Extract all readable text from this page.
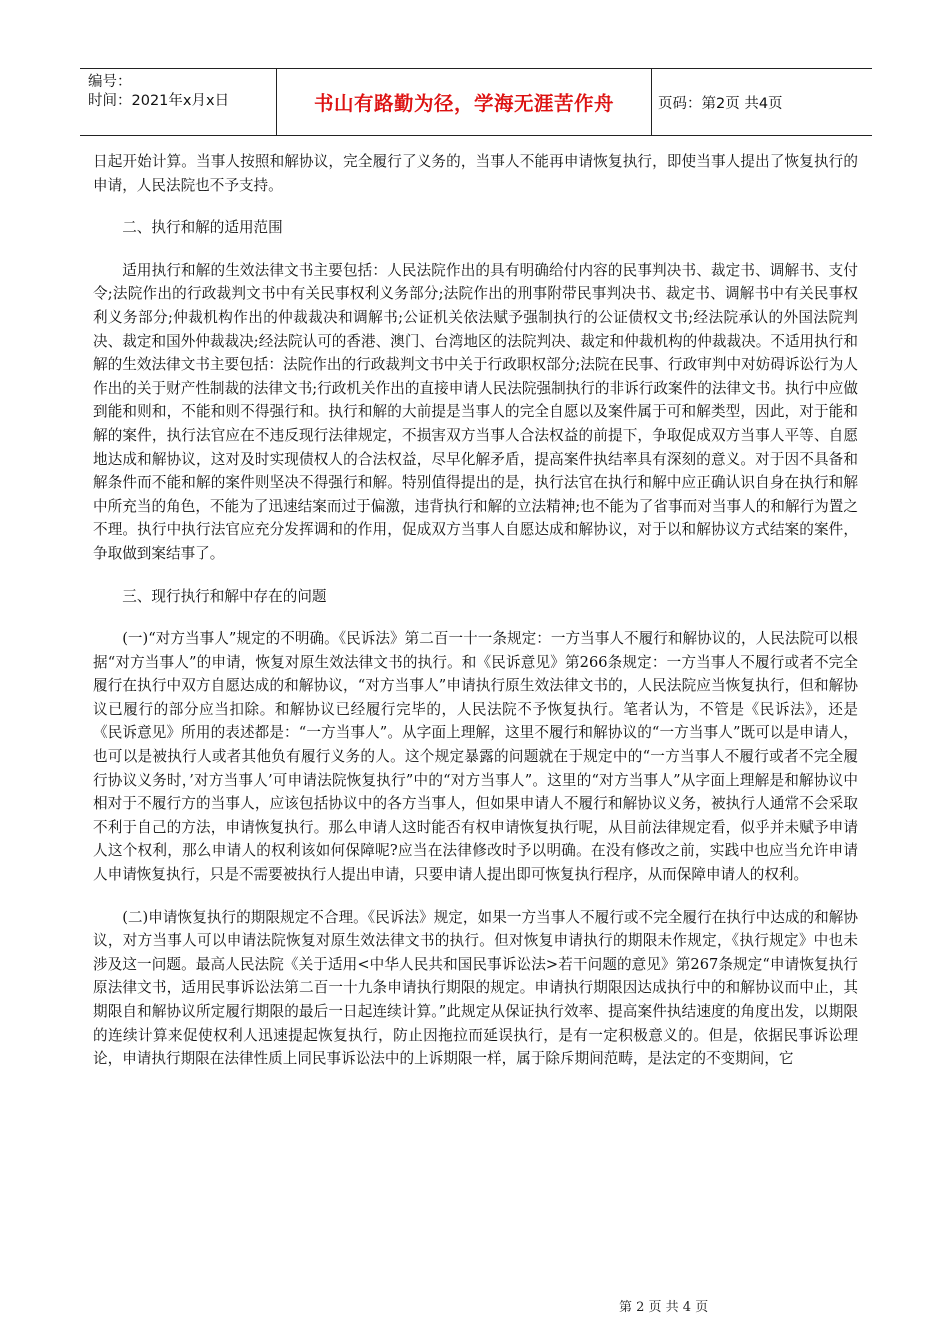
编号：
时间：2021年x月x日	书山有路勤为径，学海无涯苦作舟	页码：第2页 共4页

日起开始计算。当事人按照和解协议，完全履行了义务的，当事人不能再申请恢复执行，即使当事人提出了恢复执行的申请，人民法院也不予支持。

二、执行和解的适用范围

适用执行和解的生效法律文书主要包括：人民法院作出的具有明确给付内容的民事判决书、裁定书、调解书、支付令;法院作出的行政裁判文书中有关民事权利义务部分;法院作出的刑事附带民事判决书、裁定书、调解书中有关民事权利义务部分;仲裁机构作出的仲裁裁决和调解书;公证机关依法赋予强制执行的公证债权文书;经法院承认的外国法院判决、裁定和国外仲裁裁决;经法院认可的香港、澳门、台湾地区的法院判决、裁定和仲裁机构的仲裁裁决。不适用执行和解的生效法律文书主要包括：法院作出的行政裁判文书中关于行政职权部分;法院在民事、行政审判中对妨碍诉讼行为人作出的关于财产性制裁的法律文书;行政机关作出的直接申请人民法院强制执行的非诉行政案件的法律文书。执行中应做到能和则和，不能和则不得强行和。执行和解的大前提是当事人的完全自愿以及案件属于可和解类型，因此，对于能和解的案件，执行法官应在不违反现行法律规定，不损害双方当事人合法权益的前提下，争取促成双方当事人平等、自愿地达成和解协议，这对及时实现债权人的合法权益，尽早化解矛盾，提高案件执结率具有深刻的意义。对于因不具备和解条件而不能和解的案件则坚决不得强行和解。特别值得提出的是，执行法官在执行和解中应正确认识自身在执行和解中所充当的角色，不能为了迅速结案而过于偏激，违背执行和解的立法精神;也不能为了省事而对当事人的和解行为置之不理。执行中执行法官应充分发挥调和的作用，促成双方当事人自愿达成和解协议，对于以和解协议方式结案的案件，争取做到案结事了。

三、现行执行和解中存在的问题

(一)“对方当事人”规定的不明确。《民诉法》第二百一十一条规定：一方当事人不履行和解协议的，人民法院可以根据“对方当事人”的申请，恢复对原生效法律文书的执行。和《民诉意见》第266条规定：一方当事人不履行或者不完全履行在执行中双方自愿达成的和解协议，“对方当事人”申请执行原生效法律文书的，人民法院应当恢复执行，但和解协议已履行的部分应当扣除。和解协议已经履行完毕的，人民法院不予恢复执行。笔者认为，不管是《民诉法》，还是《民诉意见》所用的表述都是：“一方当事人”。从字面上理解，这里不履行和解协议的“一方当事人”既可以是申请人，也可以是被执行人或者其他负有履行义务的人。这个规定暴露的问题就在于规定中的“一方当事人不履行或者不完全履行协议义务时，’对方当事人’可申请法院恢复执行”中的“对方当事人”。这里的“对方当事人”从字面上理解是和解协议中相对于不履行方的当事人，应该包括协议中的各方当事人，但如果申请人不履行和解协议义务，被执行人通常不会采取不利于自己的方法，申请恢复执行。那么申请人这时能否有权申请恢复执行呢，从目前法律规定看，似乎并未赋予申请人这个权利，那么申请人的权利该如何保障呢?应当在法律修改时予以明确。在没有修改之前，实践中也应当允许申请人申请恢复执行，只是不需要被执行人提出申请，只要申请人提出即可恢复执行程序，从而保障申请人的权利。

(二)申请恢复执行的期限规定不合理。《民诉法》规定，如果一方当事人不履行或不完全履行在执行中达成的和解协议，对方当事人可以申请法院恢复对原生效法律文书的执行。但对恢复申请执行的期限未作规定，《执行规定》中也未涉及这一问题。最高人民法院《关于适用<中华人民共和国民事诉讼法>若干问题的意见》第267条规定“申请恢复执行原法律文书，适用民事诉讼法第二百一十九条申请执行期限的规定。申请执行期限因达成执行中的和解协议而中止，其期限自和解协议所定履行期限的最后一日起连续计算。”此规定从保证执行效率、提高案件执结速度的角度出发，以期限的连续计算来促使权利人迅速提起恢复执行，防止因拖拉而延误执行，是有一定积极意义的。但是，依据民事诉讼理论，申请执行期限在法律性质上同民事诉讼法中的上诉期限一样，属于除斥期间范畴，是法定的不变期间，它

第 2 页 共 4 页
